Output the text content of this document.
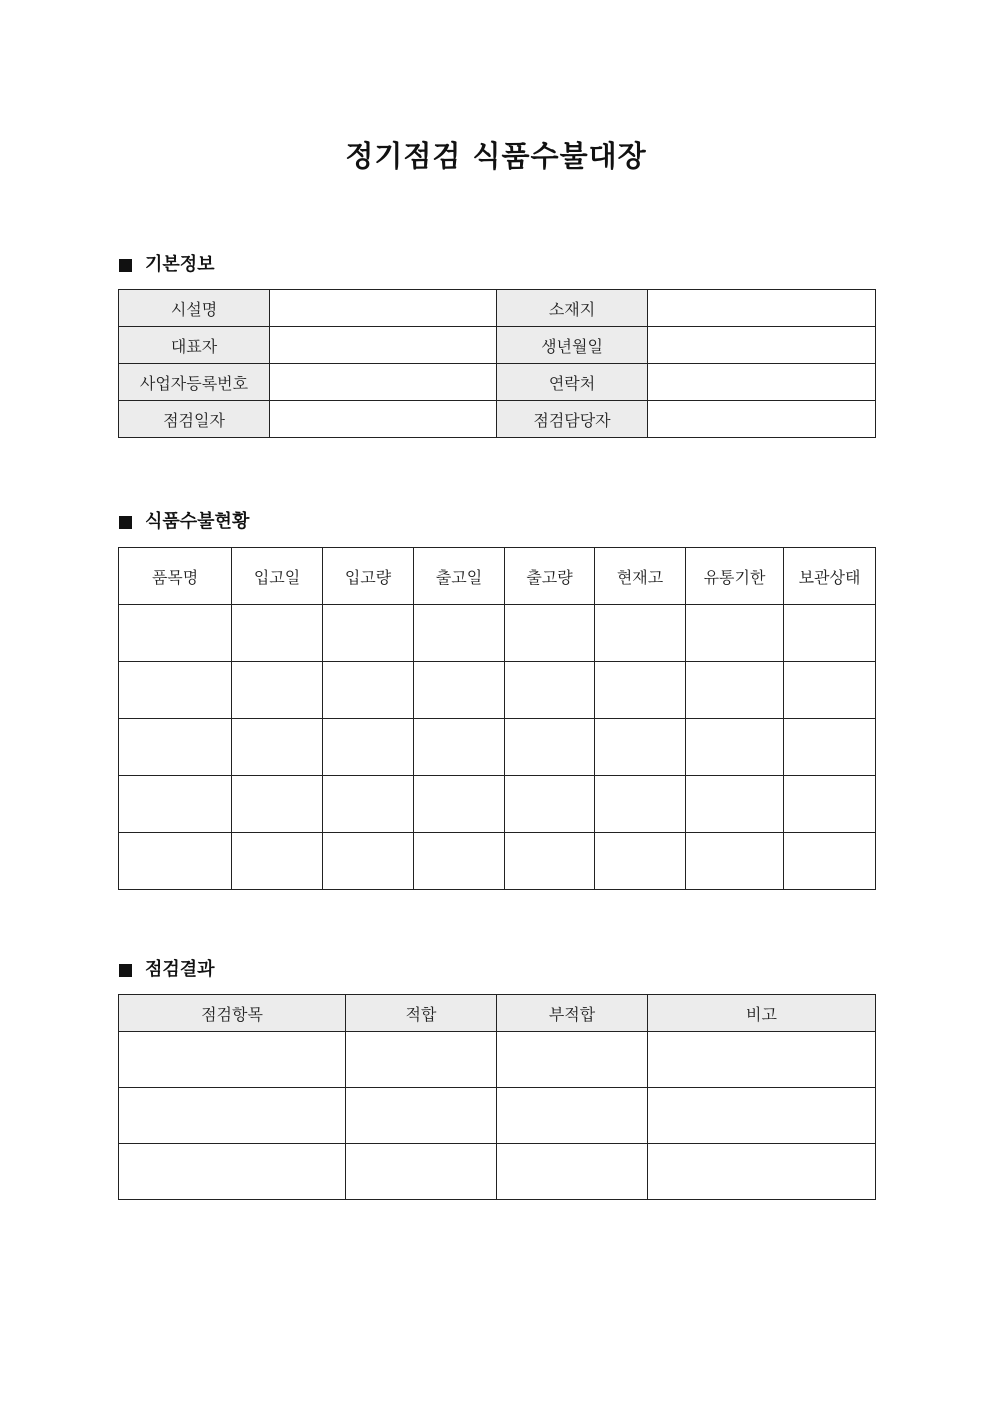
정기점검 식품수불대장
기본정보
시설명		소재지	
대표자		생년월일	
사업자등록번호		연락처	
점검일자		점검담당자	
식품수불현황
품목명	입고일	입고량	출고일	출고량	현재고	유통기한	보관상태

점검결과
점검항목	적합	부적합	비고
